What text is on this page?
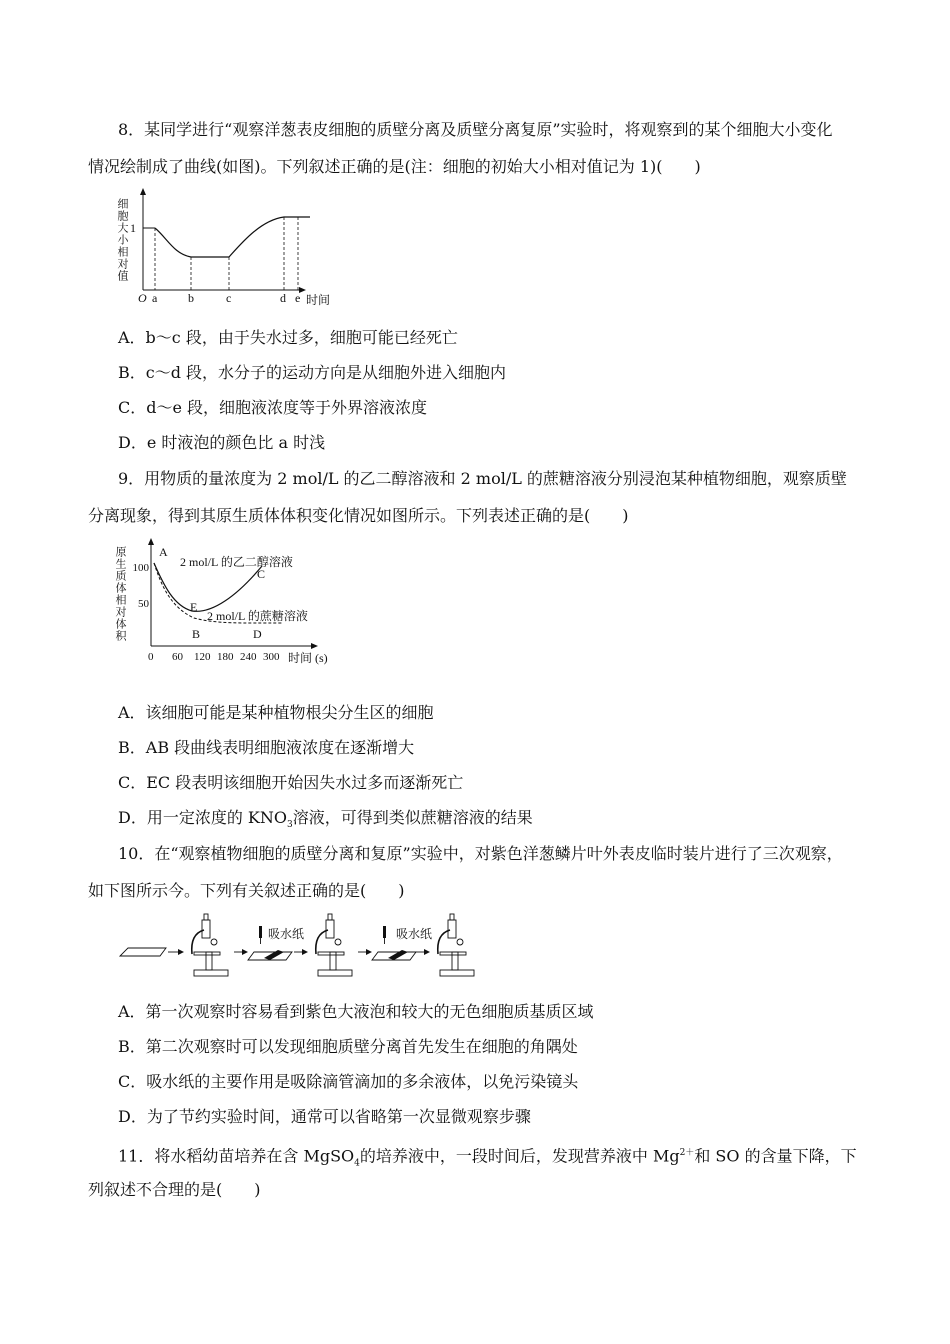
8．某同学进行“观察洋葱表皮细胞的质壁分离及质壁分离复原”实验时，将观察到的某个细胞大小变化
情况绘制成了曲线(如图)。下列叙述正确的是(注：细胞的初始大小相对值记为 1)(　　)
细胞大小相对值 1
O a	b	c	d e 时间
A．b～c 段，由于失水过多，细胞可能已经死亡
B．c～d 段，水分子的运动方向是从细胞外进入细胞内
C．d～e 段，细胞液浓度等于外界溶液浓度
D．e 时液泡的颜色比 a 时浅
9．用物质的量浓度为 2 mol/L 的乙二醇溶液和 2 mol/L 的蔗糖溶液分别浸泡某种植物细胞，观察质壁
分离现象，得到其原生质体体积变化情况如图所示。下列表述正确的是(　　)
原生质体相对体积 100
50
A
2 mol/L 的乙二醇溶液
C
E
2 mol/L 的蔗糖溶液
B	D
0 60 120 180 240 300 时间 (s)
A．该细胞可能是某种植物根尖分生区的细胞
B．AB 段曲线表明细胞液浓度在逐渐增大
C．EC 段表明该细胞开始因失水过多而逐渐死亡
D．用一定浓度的 $KNO_3$溶液，可得到类似蔗糖溶液的结果
10．在“观察植物细胞的质壁分离和复原”实验中，对紫色洋葱鳞片叶外表皮临时装片进行了三次观察，
如下图所示今。下列有关叙述正确的是(　　)
吸水纸	吸水纸
A．第一次观察时容易看到紫色大液泡和较大的无色细胞质基质区域
B．第二次观察时可以发现细胞质壁分离首先发生在细胞的角隅处
C．吸水纸的主要作用是吸除滴管滴加的多余液体，以免污染镜头
D．为了节约实验时间，通常可以省略第一次显微观察步骤
11．将水稻幼苗培养在含 MgSO$_4$的培养液中，一段时间后，发现营养液中 $Mg^{2+}$和 SO 的含量下降，下
列叙述不合理的是(　　)
